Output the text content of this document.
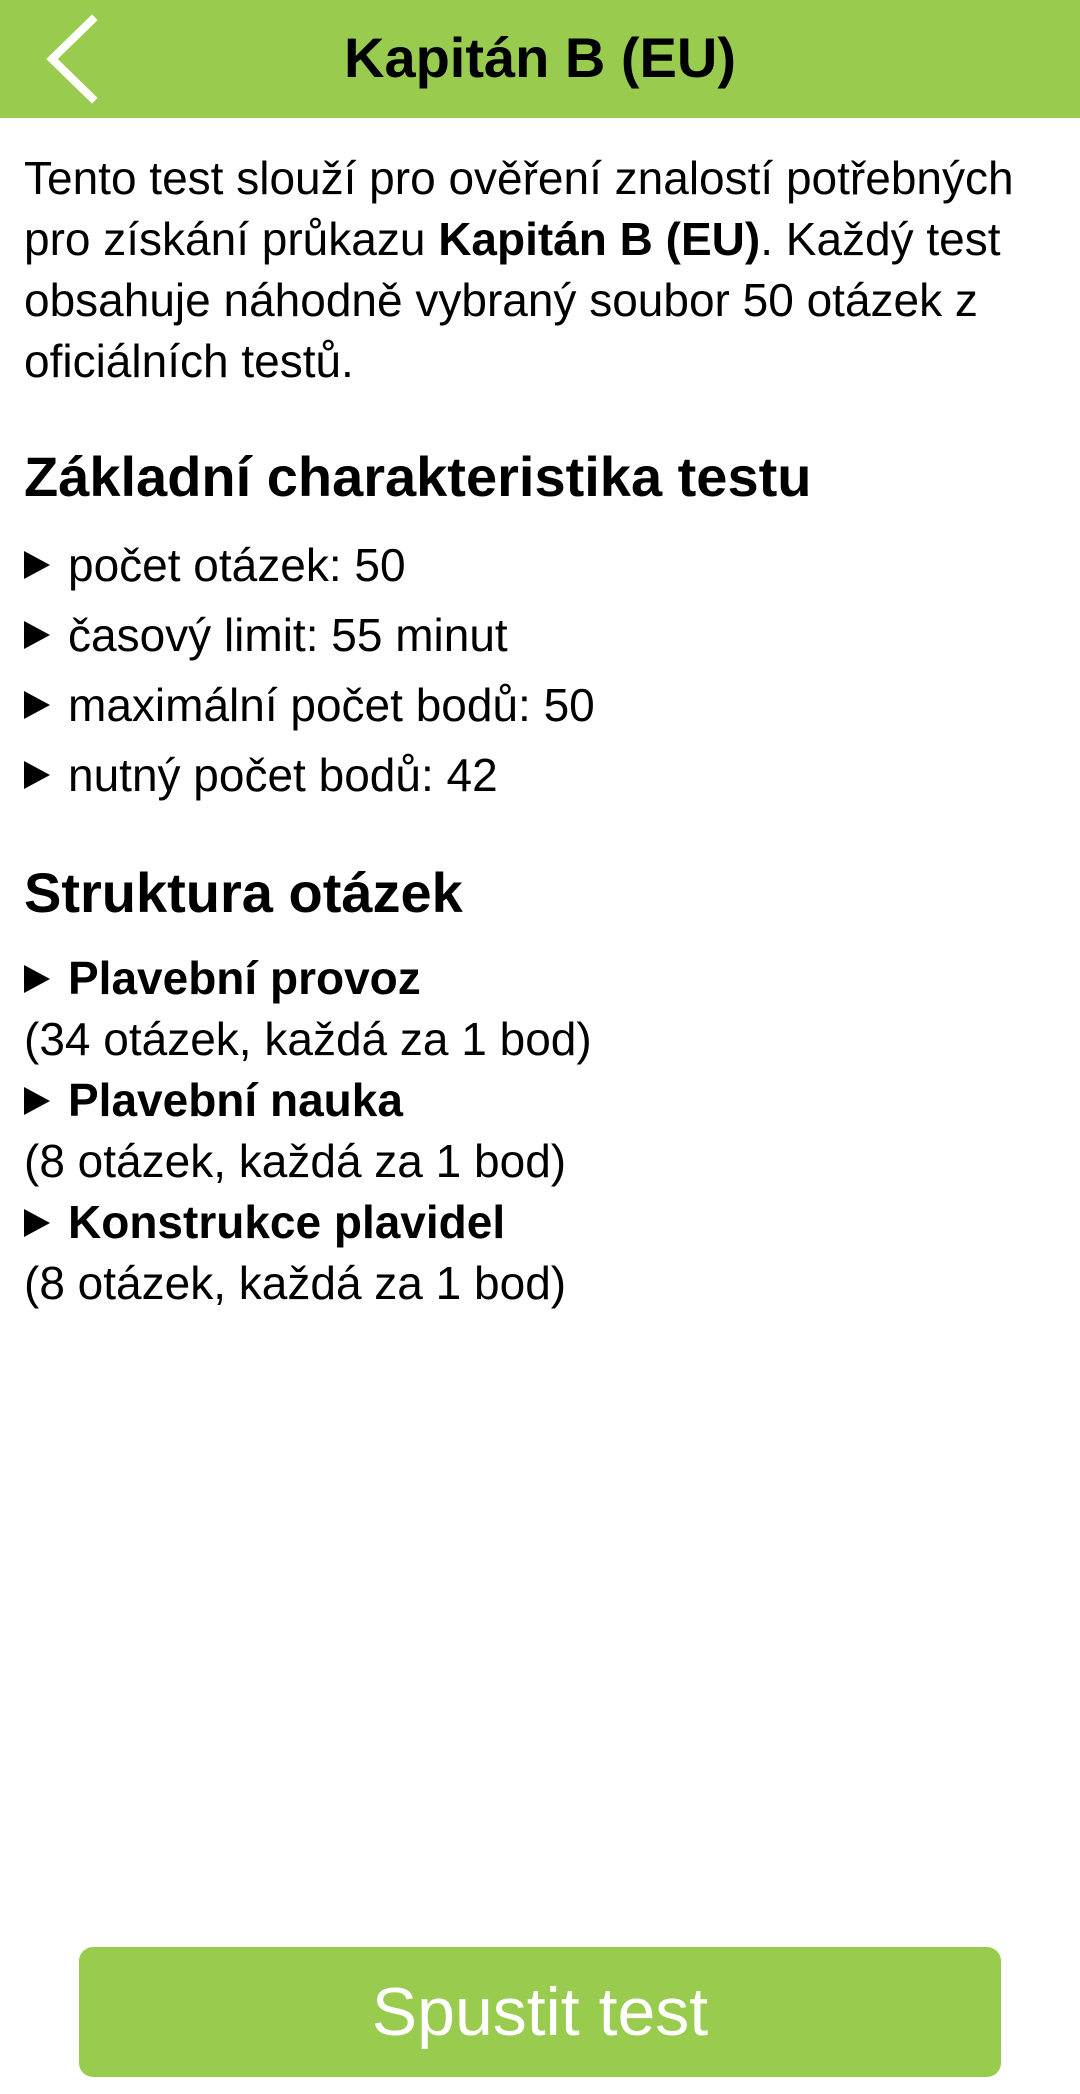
Kapitán B (EU)

Tento test slouží pro ověření znalostí potřebných pro získání průkazu Kapitán B (EU). Každý test obsahuje náhodně vybraný soubor 50 otázek z oficiálních testů.

Základní charakteristika testu
počet otázek: 50
časový limit: 55 minut
maximální počet bodů: 50
nutný počet bodů: 42
Struktura otázek
Plavební provoz
(34 otázek, každá za 1 bod)
Plavební nauka
(8 otázek, každá za 1 bod)
Konstrukce plavidel
(8 otázek, každá za 1 bod)
Spustit test
